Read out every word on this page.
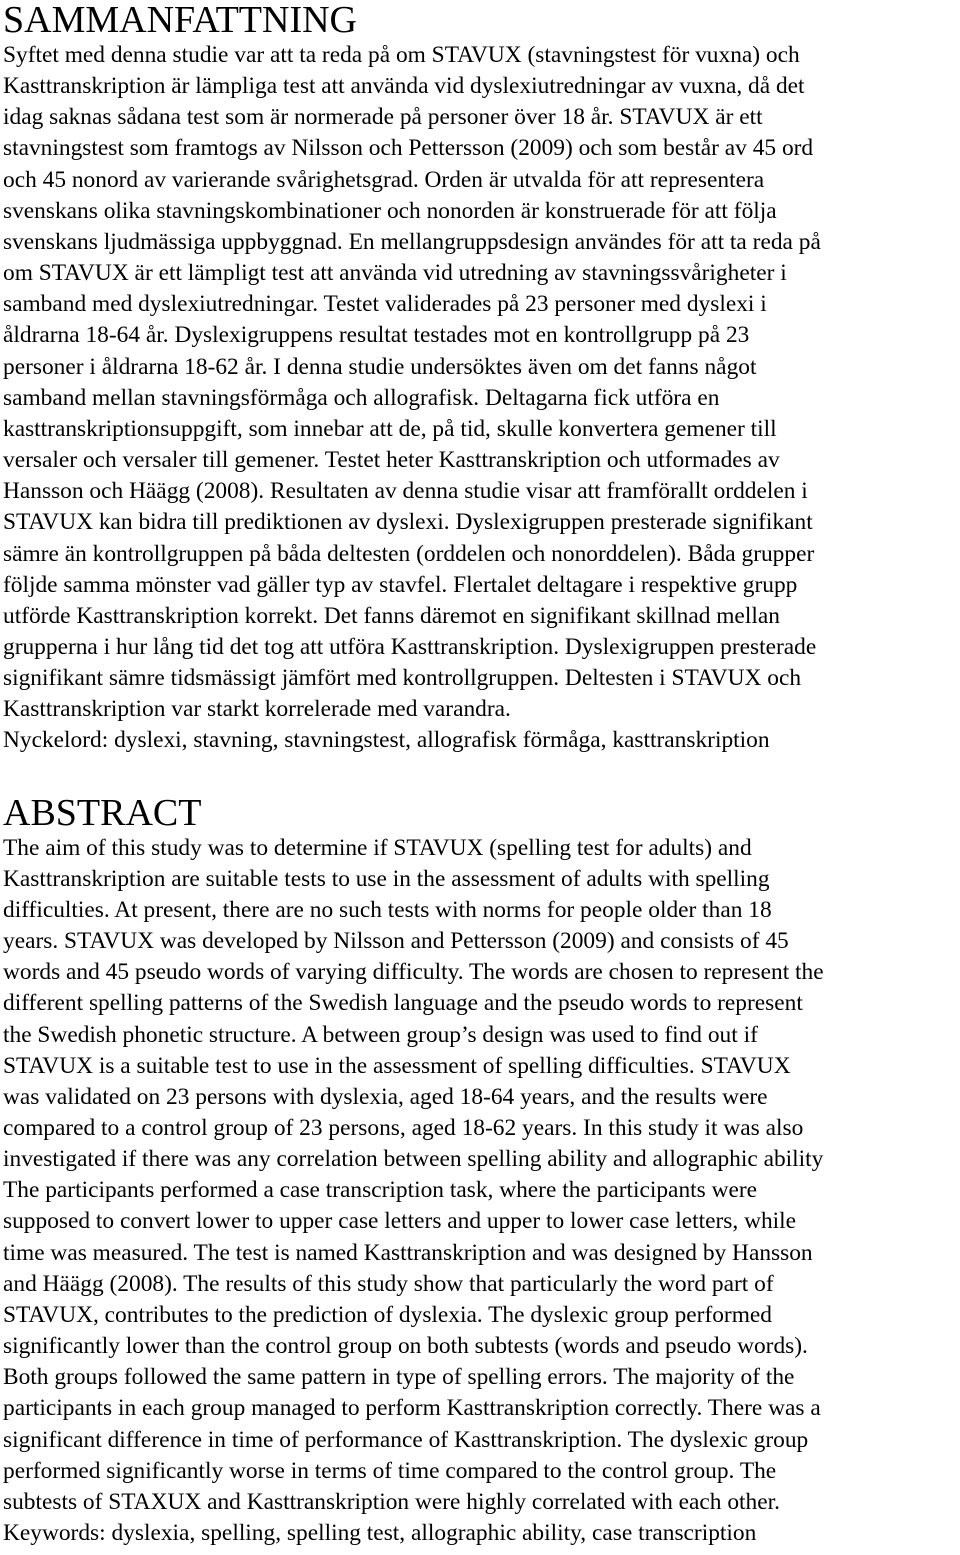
SAMMANFATTNING
Syftet med denna studie var att ta reda på om STAVUX (stavningstest för vuxna) och
Kasttranskription är lämpliga test att använda vid dyslexiutredningar av vuxna, då det
idag saknas sådana test som är normerade på personer över 18 år. STAVUX är ett
stavningstest som framtogs av Nilsson och Pettersson (2009) och som består av 45 ord
och 45 nonord av varierande svårighetsgrad. Orden är utvalda för att representera
svenskans olika stavningskombinationer och nonorden är konstruerade för att följa
svenskans ljudmässiga uppbyggnad. En mellangruppsdesign användes för att ta reda på
om STAVUX är ett lämpligt test att använda vid utredning av stavningssvårigheter i
samband med dyslexiutredningar. Testet validerades på 23 personer med dyslexi i
åldrarna 18-64 år. Dyslexigruppens resultat testades mot en kontrollgrupp på 23
personer i åldrarna 18-62 år. I denna studie undersöktes även om det fanns något
samband mellan stavningsförmåga och allografisk. Deltagarna fick utföra en
kasttranskriptionsuppgift, som innebar att de, på tid, skulle konvertera gemener till
versaler och versaler till gemener. Testet heter Kasttranskription och utformades av
Hansson och Häägg (2008). Resultaten av denna studie visar att framförallt orddelen i
STAVUX kan bidra till prediktionen av dyslexi. Dyslexigruppen presterade signifikant
sämre än kontrollgruppen på båda deltesten (orddelen och nonorddelen). Båda grupper
följde samma mönster vad gäller typ av stavfel. Flertalet deltagare i respektive grupp
utförde Kasttranskription korrekt. Det fanns däremot en signifikant skillnad mellan
grupperna i hur lång tid det tog att utföra Kasttranskription. Dyslexigruppen presterade
signifikant sämre tidsmässigt jämfört med kontrollgruppen. Deltesten i STAVUX och
Kasttranskription var starkt korrelerade med varandra.
Nyckelord: dyslexi, stavning, stavningstest, allografisk förmåga, kasttranskription
ABSTRACT
The aim of this study was to determine if STAVUX (spelling test for adults) and
Kasttranskription are suitable tests to use in the assessment of adults with spelling
difficulties. At present, there are no such tests with norms for people older than 18
years. STAVUX was developed by Nilsson and Pettersson (2009) and consists of 45
words and 45 pseudo words of varying difficulty. The words are chosen to represent the
different spelling patterns of the Swedish language and the pseudo words to represent
the Swedish phonetic structure. A between group’s design was used to find out if
STAVUX is a suitable test to use in the assessment of spelling difficulties. STAVUX
was validated on 23 persons with dyslexia, aged 18-64 years, and the results were
compared to a control group of 23 persons, aged 18-62 years. In this study it was also
investigated if there was any correlation between spelling ability and allographic ability
The participants performed a case transcription task, where the participants were
supposed to convert lower to upper case letters and upper to lower case letters, while
time was measured. The test is named Kasttranskription and was designed by Hansson
and Häägg (2008). The results of this study show that particularly the word part of
STAVUX, contributes to the prediction of dyslexia. The dyslexic group performed
significantly lower than the control group on both subtests (words and pseudo words).
Both groups followed the same pattern in type of spelling errors. The majority of the
participants in each group managed to perform Kasttranskription correctly. There was a
significant difference in time of performance of Kasttranskription. The dyslexic group
performed significantly worse in terms of time compared to the control group. The
subtests of STAXUX and Kasttranskription were highly correlated with each other.
Keywords: dyslexia, spelling, spelling test, allographic ability, case transcription
